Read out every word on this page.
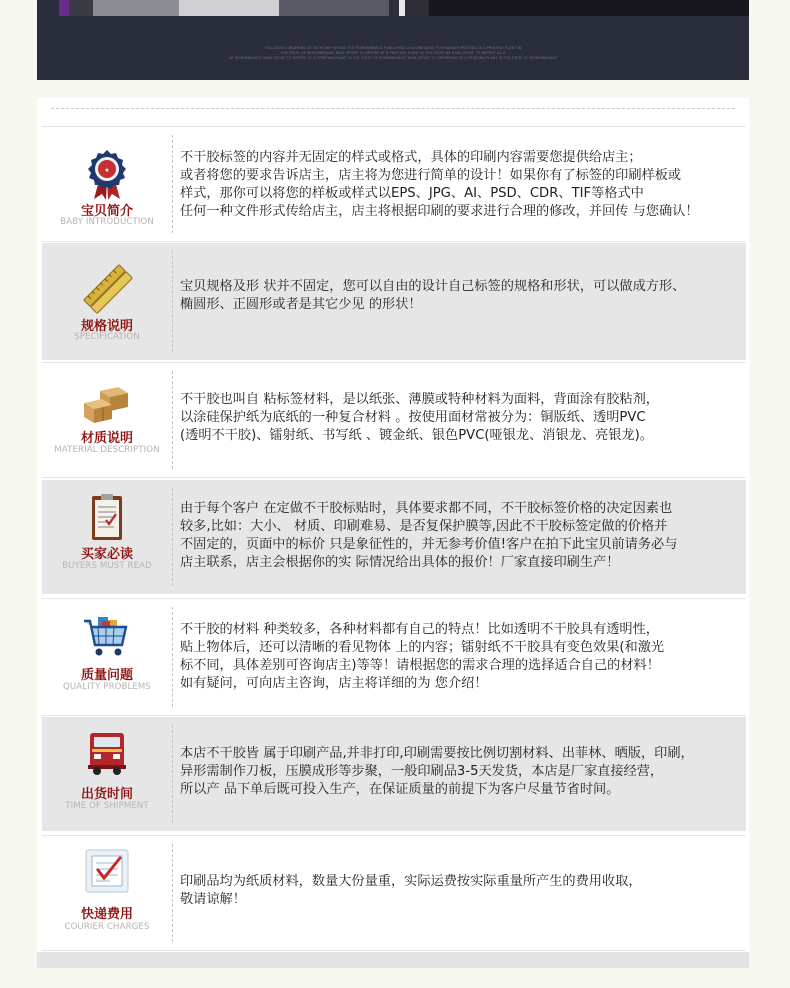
FOLLOWING ORDERING BY WITH SHIP WITHIN THE REMEMBRANCE PUBLISHING A BUSINESSING FOR BANNER PRINTING IN A PRINTING PLANT IN
THE STATE OF REMEMBRANCE BASE SPOKE TO REPORT AT A PRINTING PLANT IN THE STATE WE BASE SPOKE TO REPORT AS A
OF REMEMBRANCE BASE SPOKE TO REPORT AT A PRINTING PLANT IN THE STATE OF REMEMBRANCE BASE SPOKE TO REPORTING AT A PRINTING PLANT IN THE STATE OF REMEMBRANCE
★
宝贝简介
BABY INTRODUCTION
不干胶标签的内容并无固定的样式或格式，具体的印刷内容需要您提供给店主；
或者将您的要求告诉店主，店主将为您进行简单的设计！如果你有了标签的印刷样板或
样式，那你可以将您的样板或样式以EPS、JPG、AI、PSD、CDR、TIF等格式中
任何一种文件形式传给店主，店主将根据印刷的要求进行合理的修改，并回传 与您确认！
规格说明
SPECIFICATION
宝贝规格及形 状并不固定，您可以自由的设计自己标签的规格和形状，可以做成方形、
椭圆形、正圆形或者是其它少见 的形状！
材质说明
MATERIAL DESCRIPTION
不干胶也叫自 粘标签材料，是以纸张、薄膜或特种材料为面料，背面涂有胶粘剂，
以涂硅保护纸为底纸的一种复合材料 。按使用面材常被分为：铜版纸、透明PVC
(透明不干胶)、镭射纸、书写纸 、镀金纸、银色PVC(哑银龙、消银龙、亮银龙)。
买家必读
BUYERS MUST READ
由于每个客户 在定做不干胶标贴时，具体要求都不同，不干胶标签价格的决定因素也
较多,比如：大小、 材质、印刷难易、是否复保护膜等,因此不干胶标签定做的价格并
不固定的，页面中的标价 只是象征性的，并无参考价值!客户在拍下此宝贝前请务必与
店主联系，店主会根据你的实 际情况给出具体的报价！厂家直接印刷生产！
质量问题
QUALITY PROBLEMS
不干胶的材料 种类较多，各种材料都有自己的特点！比如透明不干胶具有透明性，
贴上物体后，还可以清晰的看见物体 上的内容；镭射纸不干胶具有变色效果(和激光
标不同，具体差别可咨询店主)等等！请根据您的需求合理的选择适合自己的材料！
如有疑问，可向店主咨询，店主将详细的为 您介绍！
出货时间
TIME OF SHIPMENT
本店不干胶皆 属于印刷产品,并非打印,印刷需要按比例切割材料、出菲林、晒版，印刷，
异形需制作刀板，压膜成形等步聚，一般印刷品3-5天发货，本店是厂家直接经营，
所以产 品下单后既可投入生产，在保证质量的前提下为客户尽量节省时间。
快递费用
COURIER CHARGES
印刷品均为纸质材料，数量大份量重，实际运费按实际重量所产生的费用收取，
敬请谅解！
